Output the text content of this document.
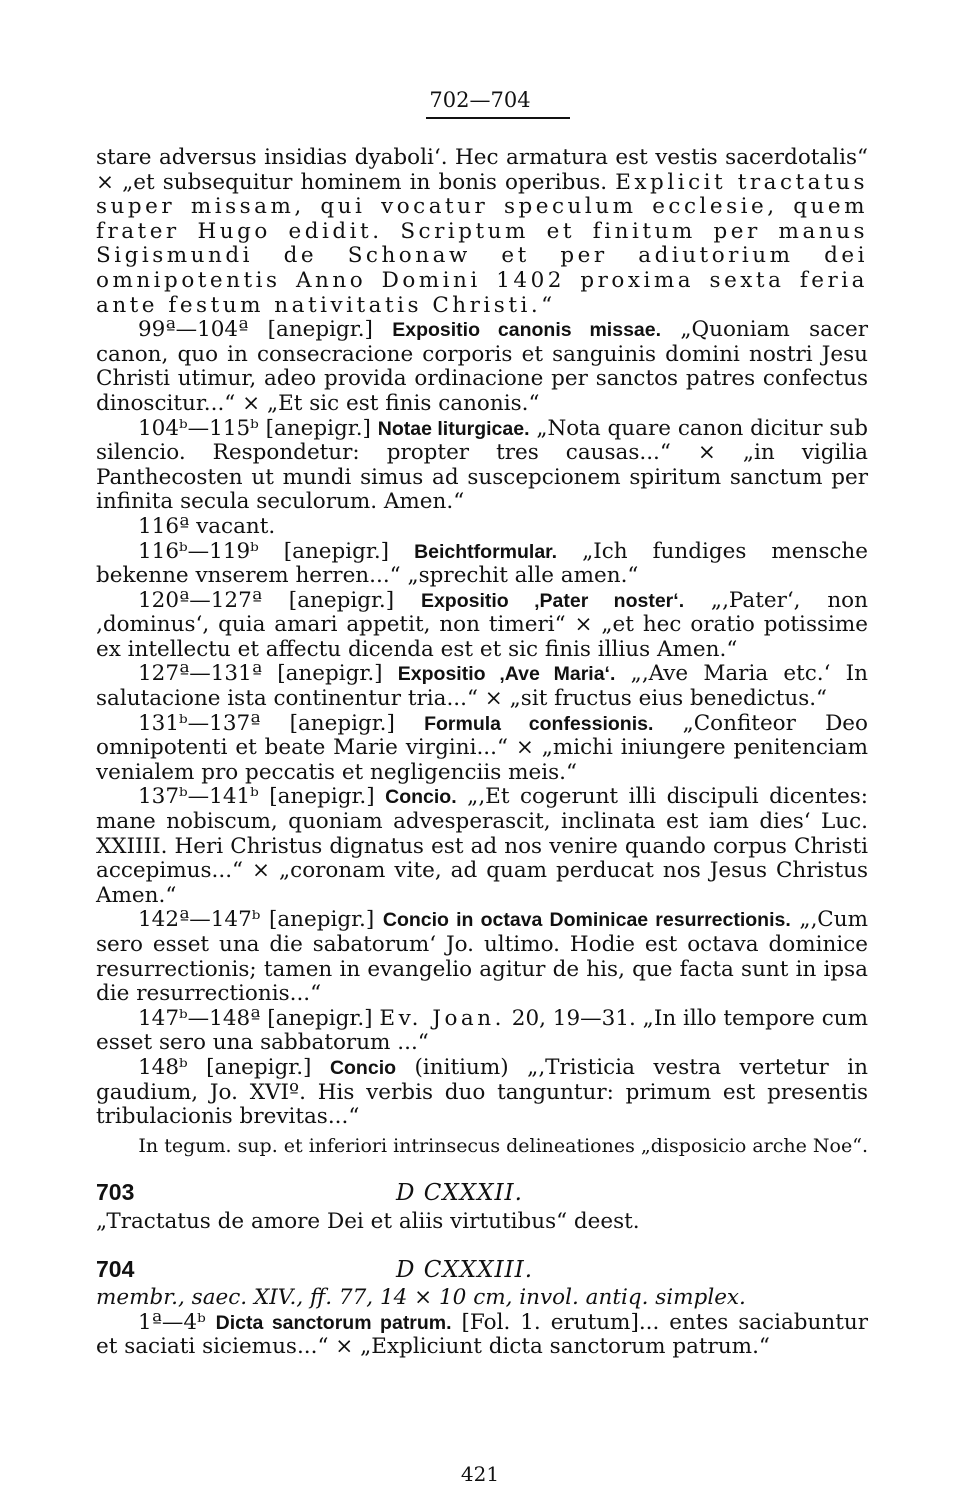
702—704

stare adversus insidias dyaboli‘. Hec armatura est vestis sacerdotalis“ × „et subsequitur hominem in bonis operibus. Explicit tractatus super missam, qui vocatur speculum ecclesie, quem frater Hugo edidit. Scriptum et finitum per manus Sigismundi de Schonaw et per adiutorium dei omnipotentis Anno Domini 1402 proxima sexta feria ante festum nativitatis Christi.“

99ª—104ª [anepigr.] Expositio canonis missae. „Quoniam sacer canon, quo in consecracione corporis et sanguinis domini nostri Jesu Christi utimur, adeo provida ordinacione per sanctos patres confectus dinoscitur...“ × „Et sic est finis canonis.“

104ᵇ—115ᵇ [anepigr.] Notae liturgicae. „Nota quare canon dicitur sub silencio. Respondetur: propter tres causas...“ × „in vigilia Panthecosten ut mundi simus ad suscepcionem spiritum sanctum per infinita secula seculorum. Amen.“

116ª vacant.

116ᵇ—119ᵇ [anepigr.] Beichtformular. „Ich fundiges mensche bekenne vnserem herren...“ „sprechit alle amen.“

120ª—127ª [anepigr.] Expositio ‚Pater noster‘. „‚Pater‘, non ‚dominus‘, quia amari appetit, non timeri“ × „et hec oratio potissime ex intellectu et affectu dicenda est et sic finis illius Amen.“

127ª—131ª [anepigr.] Expositio ‚Ave Maria‘. „‚Ave Maria etc.‘ In salutacione ista continentur tria...“ × „sit fructus eius benedictus.“

131ᵇ—137ª [anepigr.] Formula confessionis. „Confiteor Deo omnipotenti et beate Marie virgini...“ × „michi iniungere penitenciam venialem pro peccatis et negligenciis meis.“

137ᵇ—141ᵇ [anepigr.] Concio. „‚Et cogerunt illi discipuli dicentes: mane nobiscum, quoniam advesperascit, inclinata est iam dies‘ Luc. XXIIII. Heri Christus dignatus est ad nos venire quando corpus Christi accepimus...“ × „coronam vite, ad quam perducat nos Jesus Christus Amen.“

142ª—147ᵇ [anepigr.] Concio in octava Dominicae resurrectionis. „‚Cum sero esset una die sabatorum‘ Jo. ultimo. Hodie est octava dominice resurrectionis; tamen in evangelio agitur de his, que facta sunt in ipsa die resurrectionis...“

147ᵇ—148ª [anepigr.] Ev. Joan. 20, 19—31. „In illo tempore cum esset sero una sabbatorum ...“

148ᵇ [anepigr.] Concio (initium) „‚Tristicia vestra vertetur in gaudium, Jo. XVIº. His verbis duo tanguntur: primum est presentis tribulacionis brevitas...“

In tegum. sup. et inferiori intrinsecus delineationes „disposicio arche Noe“.

703	D CXXXII.

„Tractatus de amore Dei et aliis virtutibus“ deest.

704	D CXXXIII.

membr., saec. XIV., ff. 77, 14 × 10 cm, invol. antiq. simplex.

1ª—4ᵇ Dicta sanctorum patrum. [Fol. 1. erutum]... entes saciabuntur et saciati siciemus...“ × „Expliciunt dicta sanctorum patrum.“

421
